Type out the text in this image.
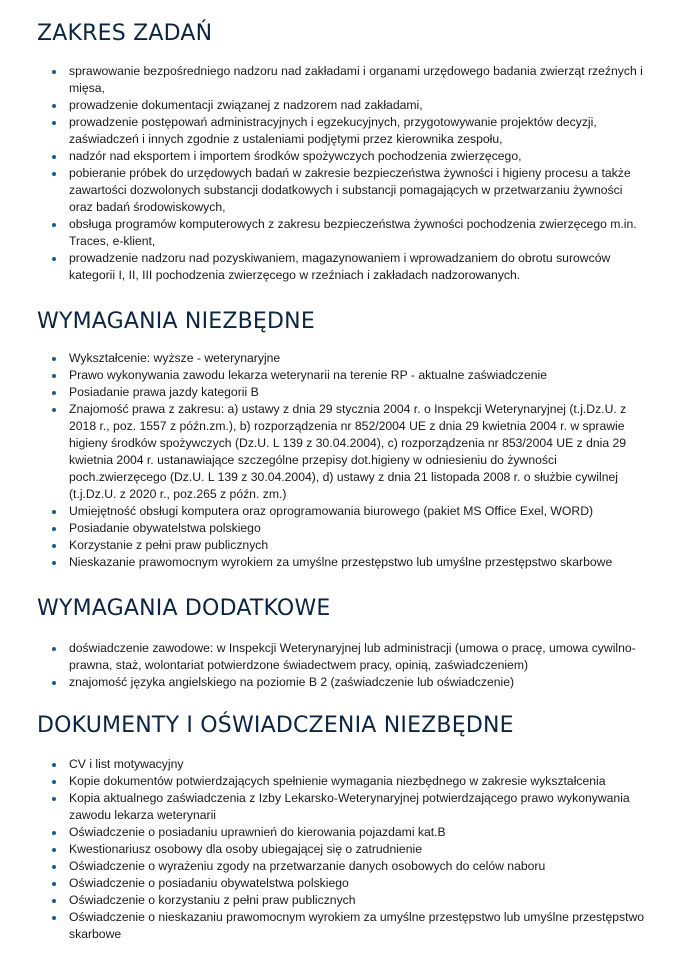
ZAKRES ZADAŃ
sprawowanie bezpośredniego nadzoru nad zakładami i organami urzędowego badania zwierząt rzeźnych i mięsa,
prowadzenie dokumentacji związanej z nadzorem nad zakładami,
prowadzenie postępowań administracyjnych i egzekucyjnych, przygotowywanie projektów decyzji, zaświadczeń i innych zgodnie z ustaleniami podjętymi przez kierownika zespołu,
nadzór nad eksportem i importem środków spożywczych pochodzenia zwierzęcego,
pobieranie próbek do urzędowych badań w zakresie bezpieczeństwa żywności i higieny procesu a także zawartości dozwolonych substancji dodatkowych i substancji pomagających w przetwarzaniu żywności oraz badań środowiskowych,
obsługa programów komputerowych z zakresu bezpieczeństwa żywności pochodzenia zwierzęcego m.in. Traces, e-klient,
prowadzenie nadzoru nad pozyskiwaniem, magazynowaniem i wprowadzaniem do obrotu surowców kategorii I, II, III pochodzenia zwierzęcego w rzeźniach i zakładach nadzorowanych.
WYMAGANIA NIEZBĘDNE
Wykształcenie: wyższe - weterynaryjne
Prawo wykonywania zawodu lekarza weterynarii na terenie RP - aktualne zaświadczenie
Posiadanie prawa jazdy kategorii B
Znajomość prawa z zakresu: a) ustawy z dnia 29 stycznia 2004 r. o Inspekcji Weterynaryjnej (t.j.Dz.U. z 2018 r., poz. 1557 z późn.zm.), b) rozporządzenia nr 852/2004 UE z dnia 29 kwietnia 2004 r. w sprawie higieny środków spożywczych (Dz.U. L 139 z 30.04.2004), c) rozporządzenia nr 853/2004 UE z dnia 29 kwietnia 2004 r. ustanawiające szczególne przepisy dot.higieny w odniesieniu do żywności poch.zwierzęcego (Dz.U. L 139 z 30.04.2004), d) ustawy z dnia 21 listopada 2008 r. o służbie cywilnej (t.j.Dz.U. z 2020 r., poz.265 z późn. zm.)
Umiejętność obsługi komputera oraz oprogramowania biurowego (pakiet MS Office Exel, WORD)
Posiadanie obywatelstwa polskiego
Korzystanie z pełni praw publicznych
Nieskazanie prawomocnym wyrokiem za umyślne przestępstwo lub umyślne przestępstwo skarbowe
WYMAGANIA DODATKOWE
doświadczenie zawodowe: w Inspekcji Weterynaryjnej lub administracji (umowa o pracę, umowa cywilno-prawna, staż, wolontariat potwierdzone świadectwem pracy, opinią, zaświadczeniem)
znajomość języka angielskiego na poziomie B 2 (zaświadczenie lub oświadczenie)
DOKUMENTY I OŚWIADCZENIA NIEZBĘDNE
CV i list motywacyjny
Kopie dokumentów potwierdzających spełnienie wymagania niezbędnego w zakresie wykształcenia
Kopia aktualnego zaświadczenia z Izby Lekarsko-Weterynaryjnej potwierdzającego prawo wykonywania zawodu lekarza weterynarii
Oświadczenie o posiadaniu uprawnień do kierowania pojazdami kat.B
Kwestionariusz osobowy dla osoby ubiegającej się o zatrudnienie
Oświadczenie o wyrażeniu zgody na przetwarzanie danych osobowych do celów naboru
Oświadczenie o posiadaniu obywatelstwa polskiego
Oświadczenie o korzystaniu z pełni praw publicznych
Oświadczenie o nieskazaniu prawomocnym wyrokiem za umyślne przestępstwo lub umyślne przestępstwo skarbowe
